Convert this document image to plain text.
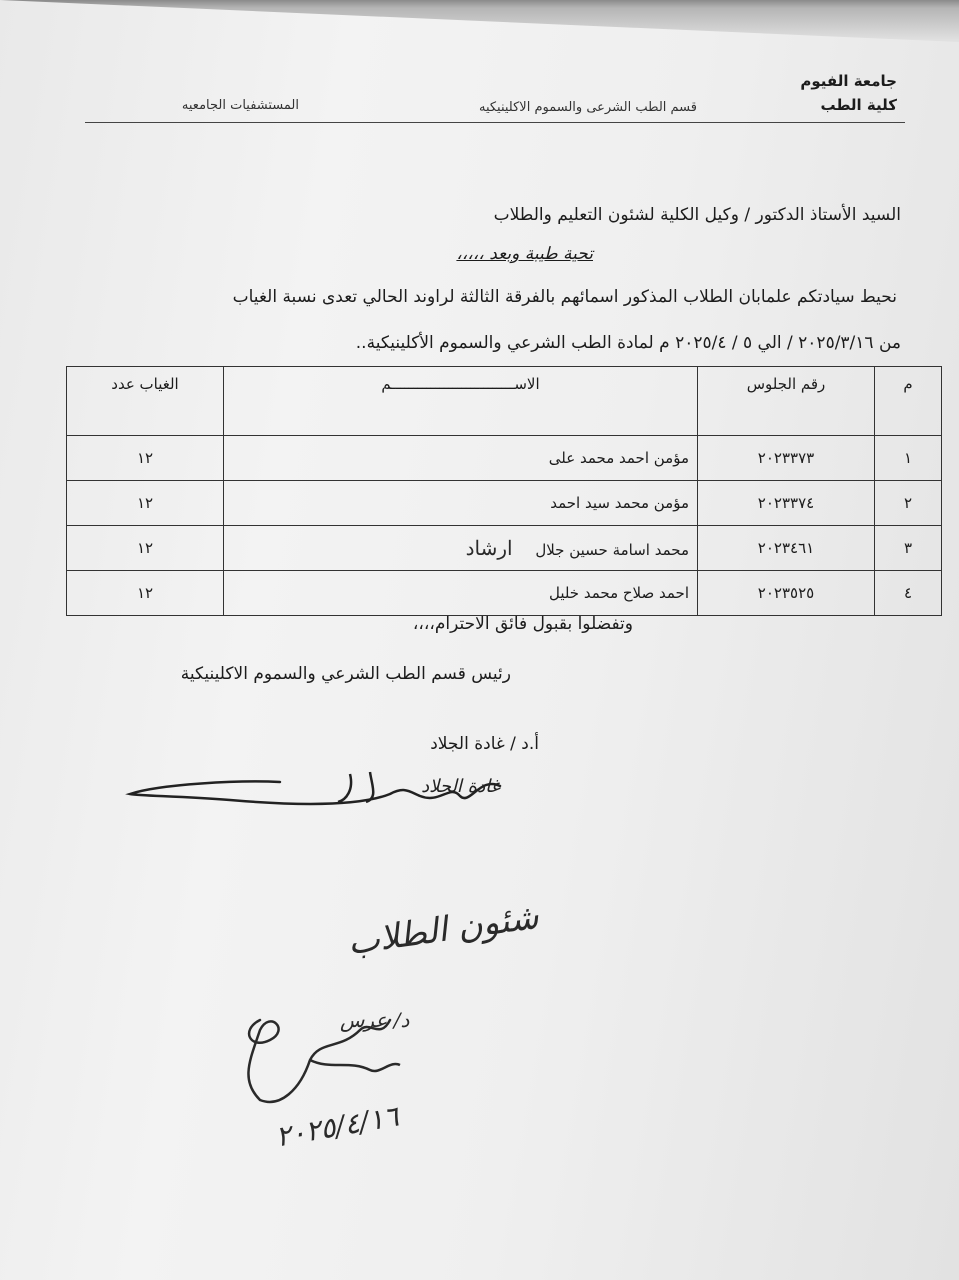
جامعة الفيوم
كلية الطب
قسم الطب الشرعى والسموم الاكلينيكيه
المستشفيات الجامعيه
السيد الأستاذ الدكتور / وكيل الكلية لشئون التعليم والطلاب
تحية طيبة وبعد ،،،،،
نحيط سيادتكم علمابان الطلاب المذكور اسمائهم بالفرقة الثالثة لراوند الحالي تعدى نسبة الغياب
من ٢٠٢٥/٣/١٦ / الي ٥ / ٢٠٢٥/٤ م لمادة الطب الشرعي والسموم الأكلينيكية..
م	رقم الجلوس	الاســــــــــــــــــــــــــــم	الغياب عدد
١	٢٠٢٣٣٧٣	مؤمن احمد محمد على	١٢
٢	٢٠٢٣٣٧٤	مؤمن محمد سيد احمد	١٢
٣	٢٠٢٣٤٦١	محمد اسامة حسين جلال ارشاد	١٢
٤	٢٠٢٣٥٢٥	احمد صلاح محمد خليل	١٢
وتفضلوا بقبول فائق الاحترام،،،،
رئيس قسم الطب الشرعي والسموم الاكلينيكية
أ.د / غادة الجلاد
غادة الجلاد
شئون الطلاب
د/ عرس
٢٠٢٥/٤/١٦
